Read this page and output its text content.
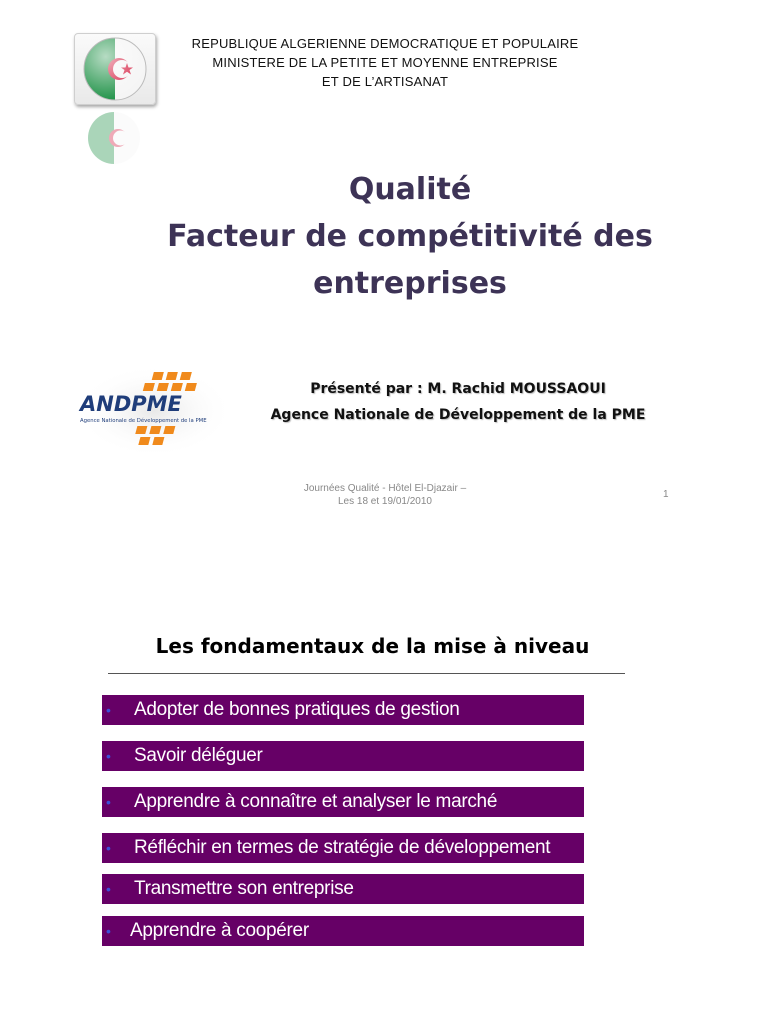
REPUBLIQUE ALGERIENNE DEMOCRATIQUE ET POPULAIRE
MINISTERE DE LA PETITE ET MOYENNE ENTREPRISE
ET DE L’ARTISANAT
Qualité
Facteur de compétitivité des
entreprises
ANDPME
Agence Nationale de Développement de la PME
Présenté par : M. Rachid MOUSSAOUI
Agence Nationale de Développement de la PME
Journées Qualité - Hôtel El-Djazair –
Les 18 et 19/01/2010
1
Les fondamentaux de la mise à niveau
•	Adopter de bonnes pratiques de gestion
•	Savoir déléguer
•	Apprendre à connaître et analyser le marché
•	Réfléchir en termes de stratégie de développement
•	Transmettre son entreprise
•	Apprendre à coopérer
